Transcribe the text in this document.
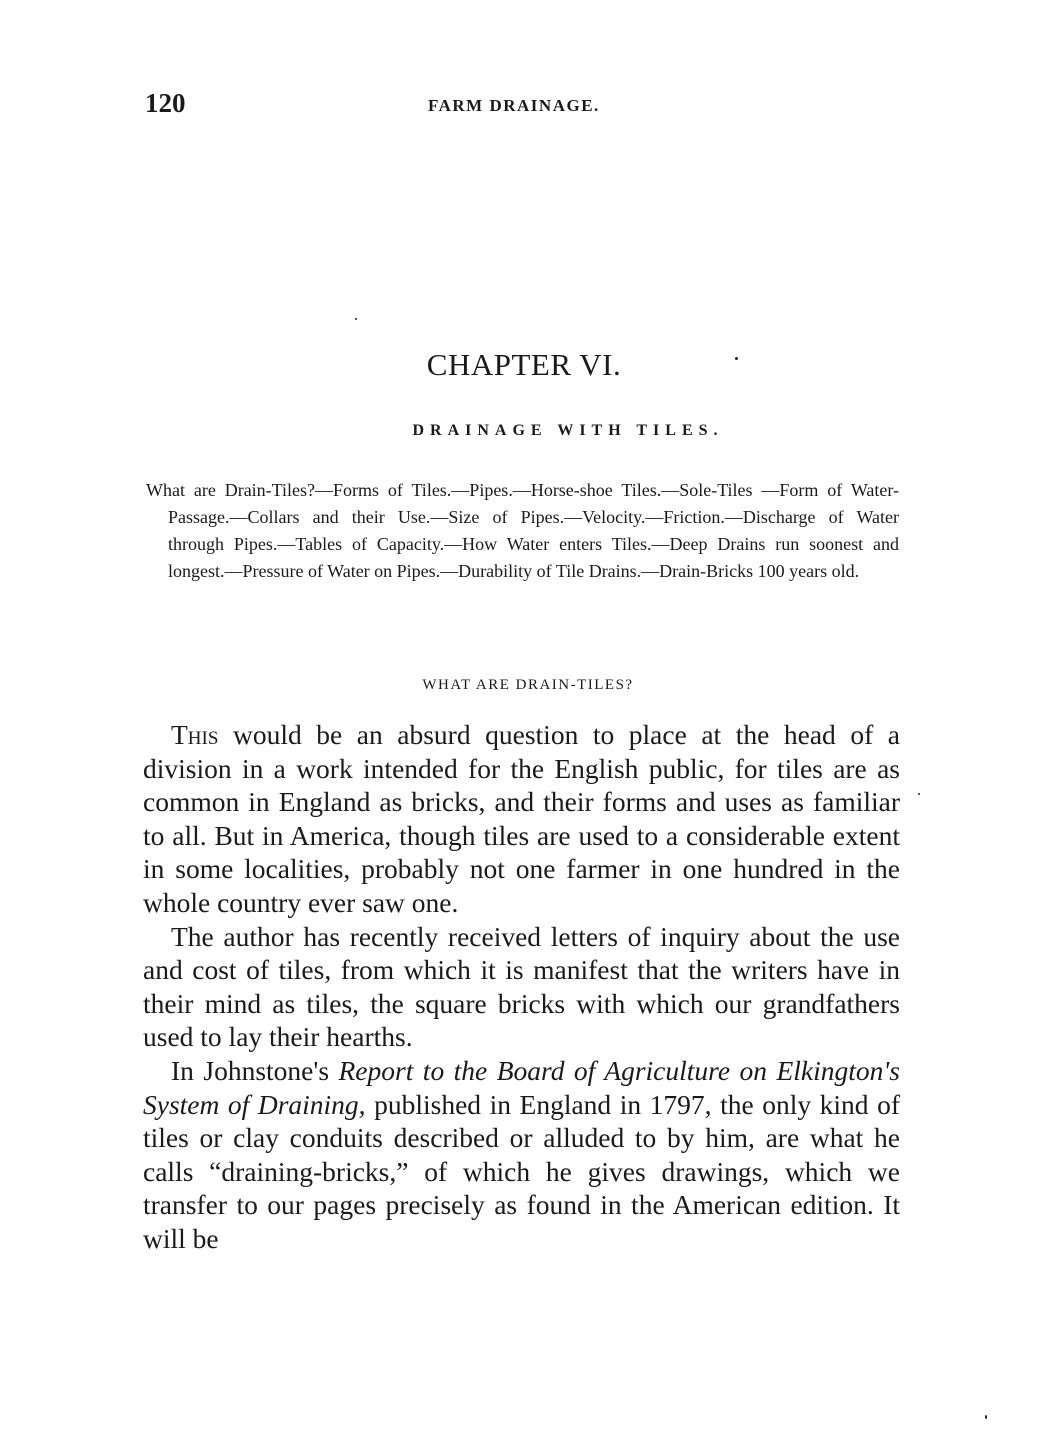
120	FARM DRAINAGE.
CHAPTER VI.
DRAINAGE WITH TILES.
What are Drain-Tiles?—Forms of Tiles.—Pipes.—Horse-shoe Tiles.—Sole-Tiles —Form of Water-Passage.—Collars and their Use.—Size of Pipes.—Velocity.—Friction.—Discharge of Water through Pipes.—Tables of Capacity.—How Water enters Tiles.—Deep Drains run soonest and longest.—Pressure of Water on Pipes.—Durability of Tile Drains.—Drain-Bricks 100 years old.
WHAT ARE DRAIN-TILES?

This would be an absurd question to place at the head of a division in a work intended for the English public, for tiles are as common in England as bricks, and their forms and uses as familiar to all. But in America, though tiles are used to a considerable extent in some localities, probably not one farmer in one hundred in the whole country ever saw one.

The author has recently received letters of inquiry about the use and cost of tiles, from which it is manifest that the writers have in their mind as tiles, the square bricks with which our grandfathers used to lay their hearths.

In Johnstone's Report to the Board of Agriculture on Elkington's System of Draining, published in England in 1797, the only kind of tiles or clay conduits described or alluded to by him, are what he calls “draining-bricks,” of which he gives drawings, which we transfer to our pages precisely as found in the American edition. It will be
